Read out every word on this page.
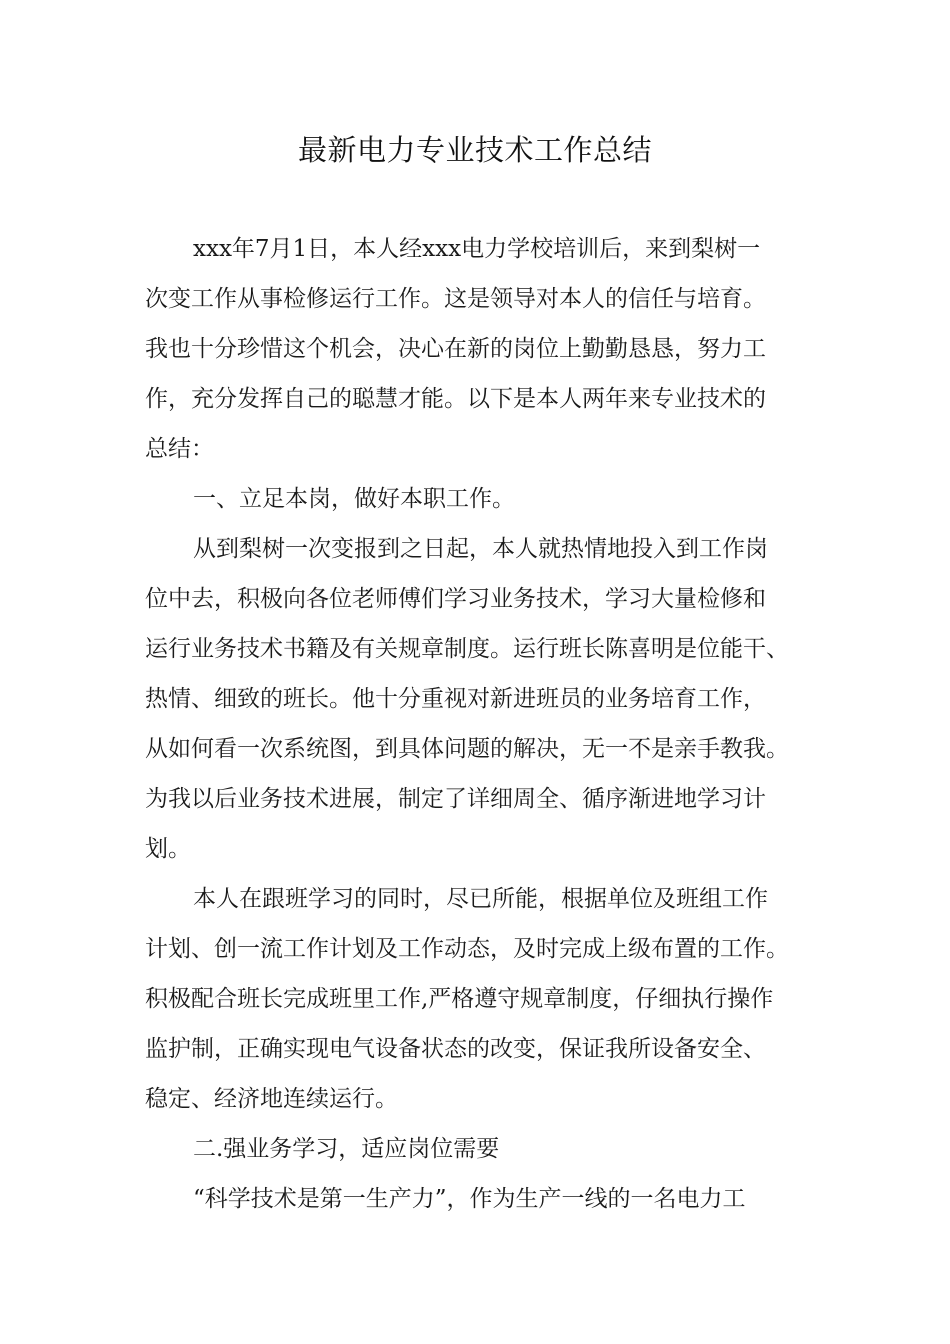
最新电力专业技术工作总结

xxx年7月1日，本人经xxx电力学校培训后，来到梨树一

次变工作从事检修运行工作。这是领导对本人的信任与培育。

我也十分珍惜这个机会，决心在新的岗位上勤勤恳恳，努力工

作，充分发挥自己的聪慧才能。以下是本人两年来专业技术的

总结：

一、立足本岗，做好本职工作。

从到梨树一次变报到之日起，本人就热情地投入到工作岗

位中去，积极向各位老师傅们学习业务技术，学习大量检修和

运行业务技术书籍及有关规章制度。运行班长陈喜明是位能干、

热情、细致的班长。他十分重视对新进班员的业务培育工作，

从如何看一次系统图，到具体问题的解决，无一不是亲手教我。

为我以后业务技术进展，制定了详细周全、循序渐进地学习计

划。

本人在跟班学习的同时，尽已所能，根据单位及班组工作

计划、创一流工作计划及工作动态，及时完成上级布置的工作。

积极配合班长完成班里工作,严格遵守规章制度，仔细执行操作

监护制，正确实现电气设备状态的改变，保证我所设备安全、

稳定、经济地连续运行。

二.强业务学习，适应岗位需要

“科学技术是第一生产力”，作为生产一线的一名电力工
